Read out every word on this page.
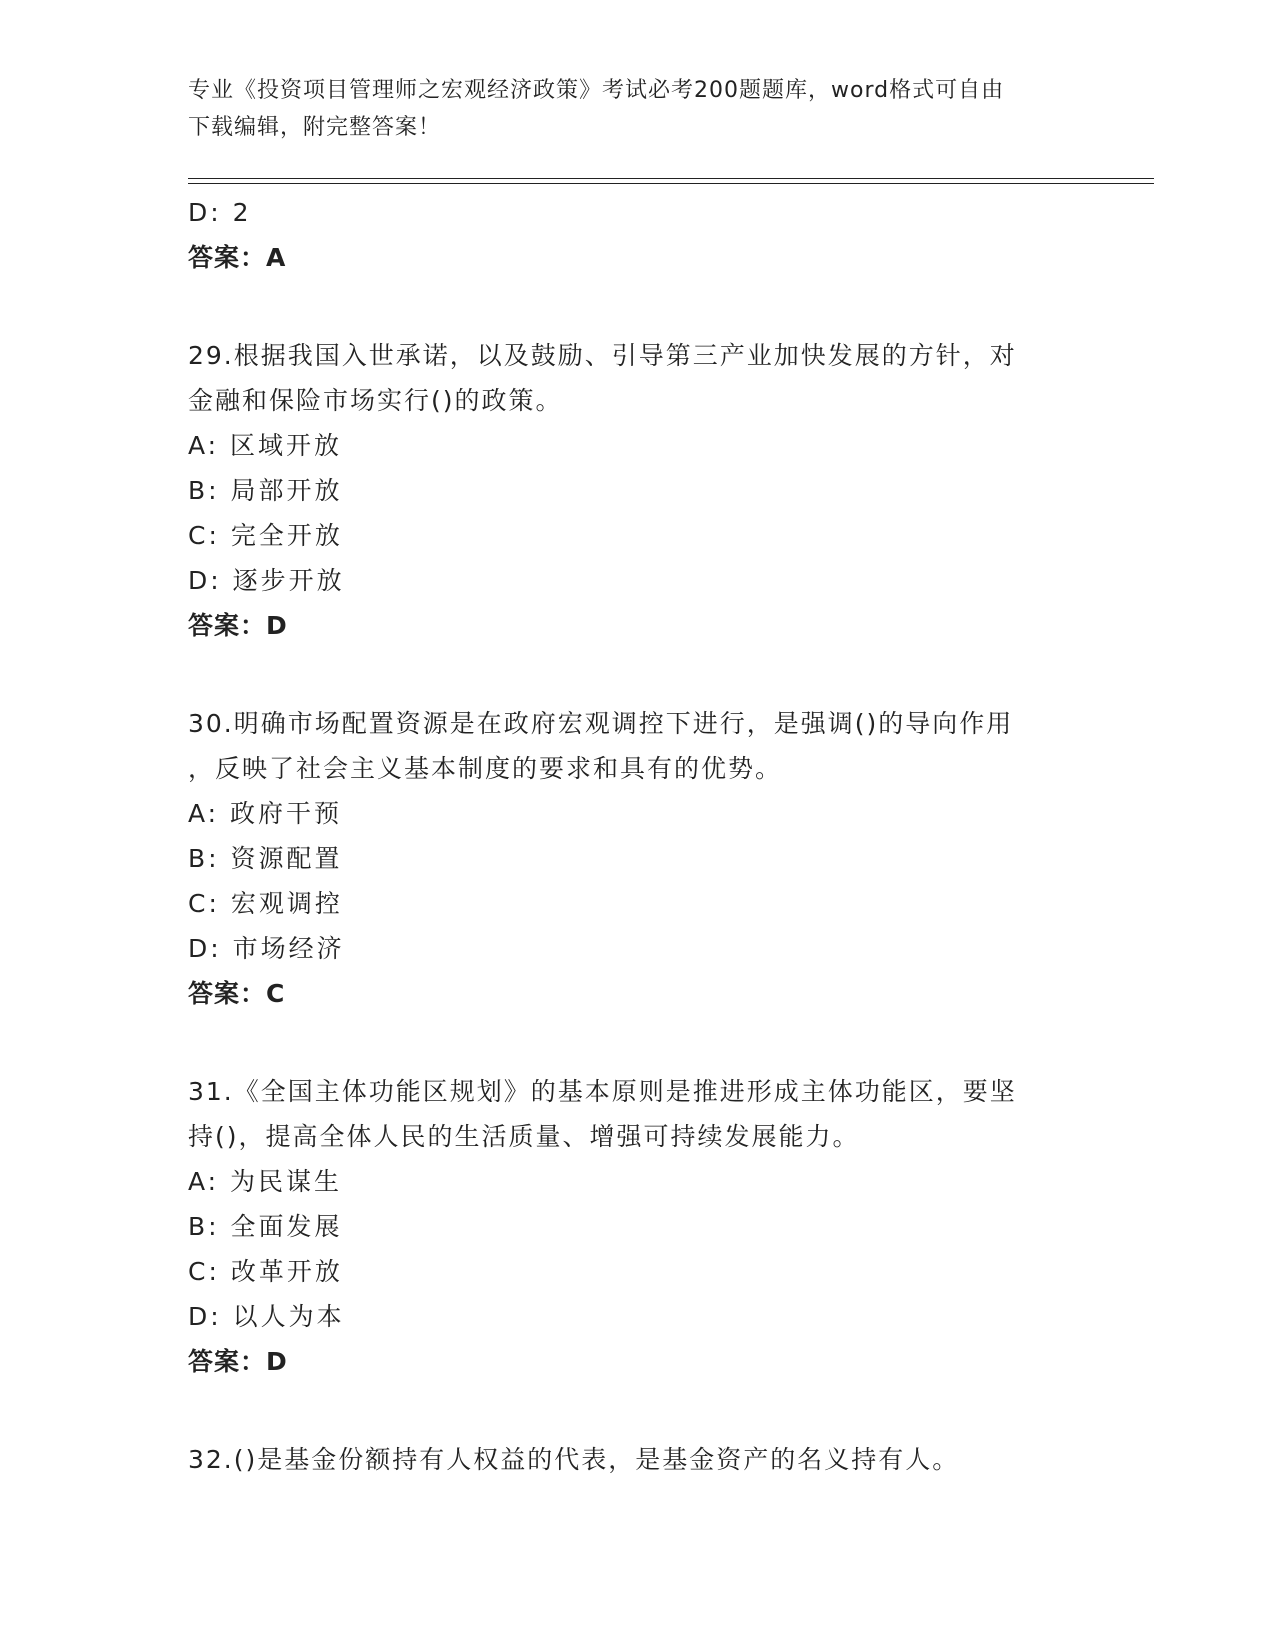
专业《投资项目管理师之宏观经济政策》考试必考200题题库，word格式可自由
下载编辑，附完整答案！
D: 2
答案：A
29.根据我国入世承诺，以及鼓励、引导第三产业加快发展的方针，对
金融和保险市场实行()的政策。
A: 区域开放
B: 局部开放
C: 完全开放
D: 逐步开放
答案：D
30.明确市场配置资源是在政府宏观调控下进行，是强调()的导向作用
，反映了社会主义基本制度的要求和具有的优势。
A: 政府干预
B: 资源配置
C: 宏观调控
D: 市场经济
答案：C
31.《全国主体功能区规划》的基本原则是推进形成主体功能区，要坚
持()，提高全体人民的生活质量、增强可持续发展能力。
A: 为民谋生
B: 全面发展
C: 改革开放
D: 以人为本
答案：D
32.()是基金份额持有人权益的代表，是基金资产的名义持有人。
